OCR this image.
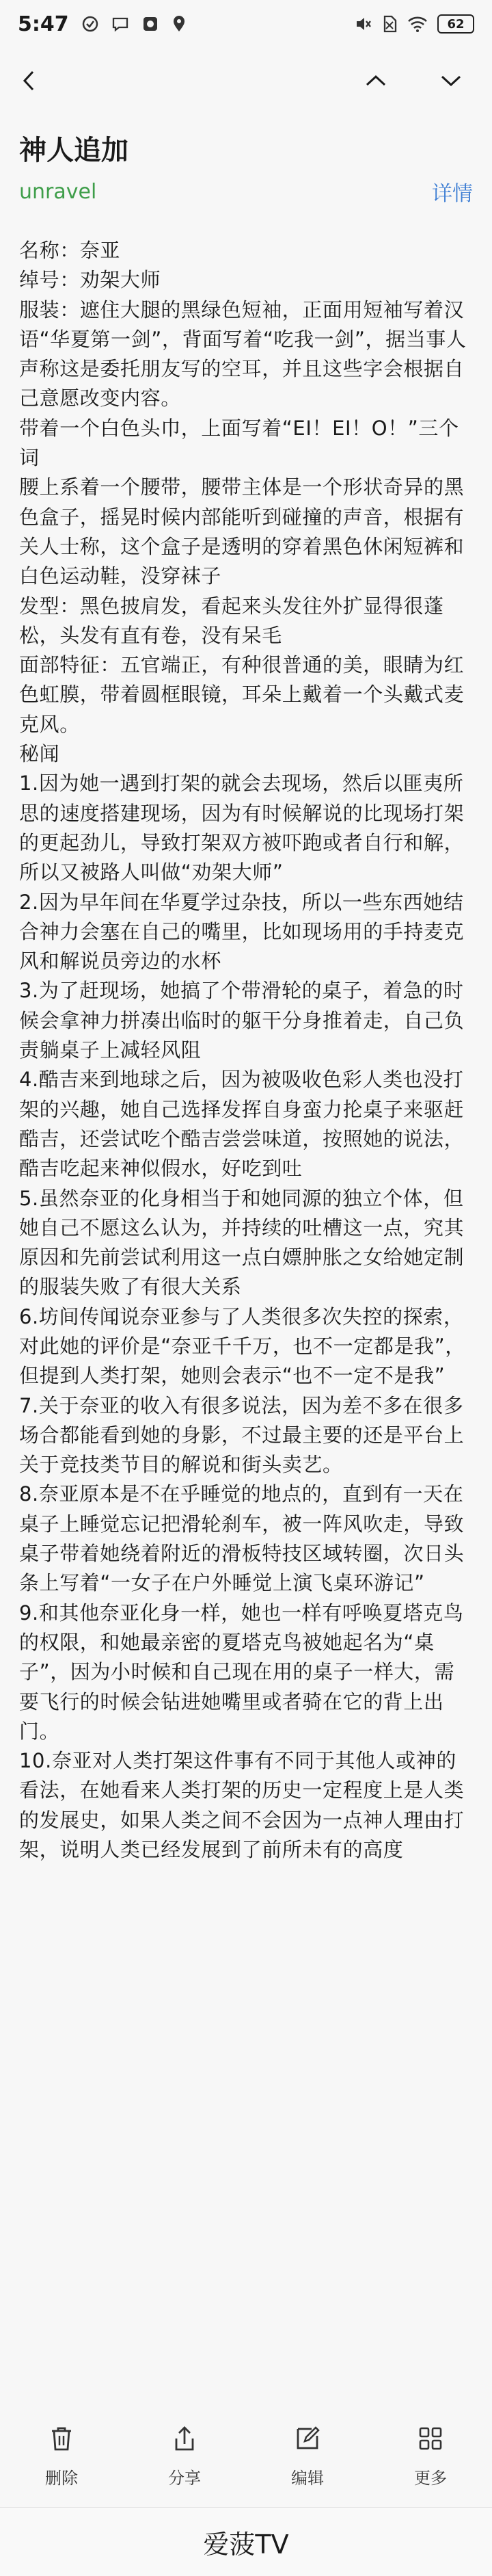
5:47	62
神人追加
unravel	详情

名称：奈亚

绰号：劝架大师

服装：遮住大腿的黑绿色短袖，正面用短袖写着汉语“华夏第一剑”，背面写着“吃我一剑”，据当事人声称这是委托朋友写的空耳，并且这些字会根据自己意愿改变内容。

带着一个白色头巾，上面写着“EI！EI！O！”三个词

腰上系着一个腰带，腰带主体是一个形状奇异的黑色盒子，摇晃时候内部能听到碰撞的声音，根据有关人士称，这个盒子是透明的穿着黑色休闲短裤和白色运动鞋，没穿袜子

发型：黑色披肩发，看起来头发往外扩显得很蓬松，头发有直有卷，没有呆毛

面部特征：五官端正，有种很普通的美，眼睛为红色虹膜，带着圆框眼镜，耳朵上戴着一个头戴式麦克风。

秘闻

1.因为她一遇到打架的就会去现场，然后以匪夷所思的速度搭建现场，因为有时候解说的比现场打架的更起劲儿，导致打架双方被吓跑或者自行和解，所以又被路人叫做“劝架大师”

2.因为早年间在华夏学过杂技，所以一些东西她结合神力会塞在自己的嘴里，比如现场用的手持麦克风和解说员旁边的水杯

3.为了赶现场，她搞了个带滑轮的桌子，着急的时候会拿神力拼凑出临时的躯干分身推着走，自己负责躺桌子上减轻风阻

4.酷吉来到地球之后，因为被吸收色彩人类也没打架的兴趣，她自己选择发挥自身蛮力抡桌子来驱赶酷吉，还尝试吃个酷吉尝尝味道，按照她的说法，酷吉吃起来神似假水，好吃到吐

5.虽然奈亚的化身相当于和她同源的独立个体，但她自己不愿这么认为，并持续的吐槽这一点，究其原因和先前尝试利用这一点白嫖肿胀之女给她定制的服装失败了有很大关系

6.坊间传闻说奈亚参与了人类很多次失控的探索，对此她的评价是“奈亚千千万，也不一定都是我”，但提到人类打架，她则会表示“也不一定不是我”

7.关于奈亚的收入有很多说法，因为差不多在很多场合都能看到她的身影，不过最主要的还是平台上关于竞技类节目的解说和街头卖艺。

8.奈亚原本是不在乎睡觉的地点的，直到有一天在桌子上睡觉忘记把滑轮刹车，被一阵风吹走，导致桌子带着她绕着附近的滑板特技区域转圈，次日头条上写着“一女子在户外睡觉上演飞桌环游记”

9.和其他奈亚化身一样，她也一样有呼唤夏塔克鸟的权限，和她最亲密的夏塔克鸟被她起名为“桌子”，因为小时候和自己现在用的桌子一样大，需要飞行的时候会钻进她嘴里或者骑在它的背上出门。

10.奈亚对人类打架这件事有不同于其他人或神的看法，在她看来人类打架的历史一定程度上是人类的发展史，如果人类之间不会因为一点神人理由打架，说明人类已经发展到了前所未有的高度

删除	分享	编辑	更多
爱菠TV
